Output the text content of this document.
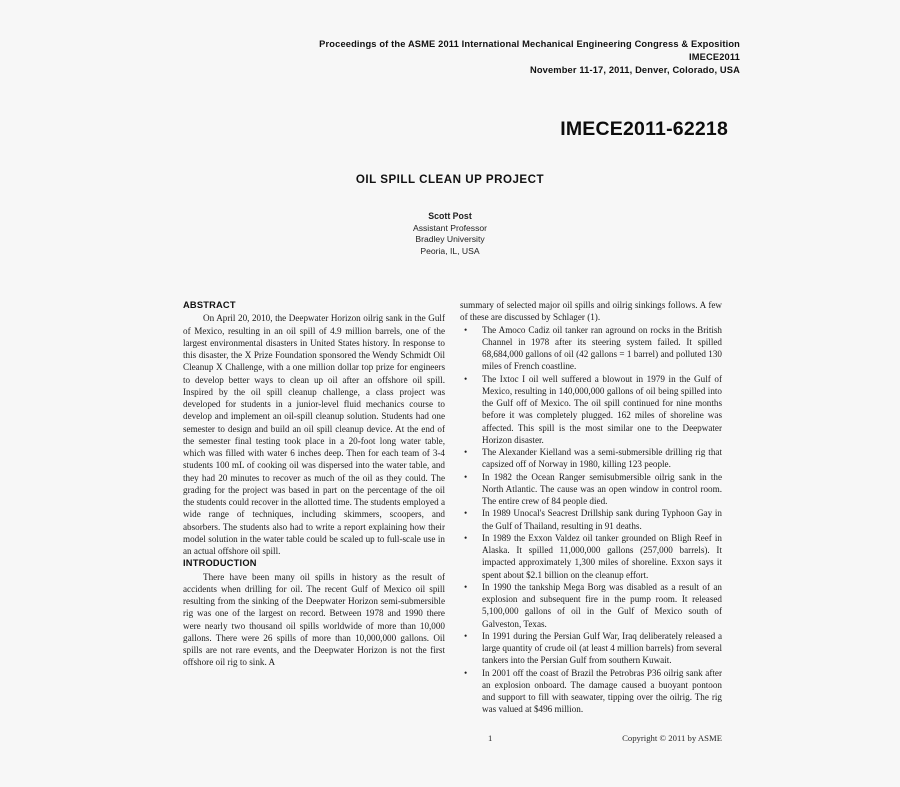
Proceedings of the ASME 2011 International Mechanical Engineering Congress & Exposition
IMECE2011
November 11-17, 2011, Denver, Colorado, USA
IMECE2011-62218
OIL SPILL CLEAN UP PROJECT
Scott Post
Assistant Professor
Bradley University
Peoria, IL, USA
ABSTRACT

On April 20, 2010, the Deepwater Horizon oilrig sank in the Gulf of Mexico, resulting in an oil spill of 4.9 million barrels, one of the largest environmental disasters in United States history. In response to this disaster, the X Prize Foundation sponsored the Wendy Schmidt Oil Cleanup X Challenge, with a one million dollar top prize for engineers to develop better ways to clean up oil after an offshore oil spill. Inspired by the oil spill cleanup challenge, a class project was developed for students in a junior-level fluid mechanics course to develop and implement an oil-spill cleanup solution. Students had one semester to design and build an oil spill cleanup device. At the end of the semester final testing took place in a 20-foot long water table, which was filled with water 6 inches deep. Then for each team of 3-4 students 100 mL of cooking oil was dispersed into the water table, and they had 20 minutes to recover as much of the oil as they could. The grading for the project was based in part on the percentage of the oil the students could recover in the allotted time. The students employed a wide range of techniques, including skimmers, scoopers, and absorbers. The students also had to write a report explaining how their model solution in the water table could be scaled up to full-scale use in an actual offshore oil spill.

INTRODUCTION

There have been many oil spills in history as the result of accidents when drilling for oil. The recent Gulf of Mexico oil spill resulting from the sinking of the Deepwater Horizon semi-submersible rig was one of the largest on record. Between 1978 and 1990 there were nearly two thousand oil spills worldwide of more than 10,000 gallons. There were 26 spills of more than 10,000,000 gallons. Oil spills are not rare events, and the Deepwater Horizon is not the first offshore oil rig to sink. A

summary of selected major oil spills and oilrig sinkings follows. A few of these are discussed by Schlager (1).

• The Amoco Cadiz oil tanker ran aground on rocks in the British Channel in 1978 after its steering system failed. It spilled 68,684,000 gallons of oil (42 gallons = 1 barrel) and polluted 130 miles of French coastline.
• The Ixtoc I oil well suffered a blowout in 1979 in the Gulf of Mexico, resulting in 140,000,000 gallons of oil being spilled into the Gulf off of Mexico. The oil spill continued for nine months before it was completely plugged. 162 miles of shoreline was affected. This spill is the most similar one to the Deepwater Horizon disaster.
• The Alexander Kielland was a semi-submersible drilling rig that capsized off of Norway in 1980, killing 123 people.
• In 1982 the Ocean Ranger semisubmersible oilrig sank in the North Atlantic. The cause was an open window in control room. The entire crew of 84 people died.
• In 1989 Unocal's Seacrest Drillship sank during Typhoon Gay in the Gulf of Thailand, resulting in 91 deaths.
• In 1989 the Exxon Valdez oil tanker grounded on Bligh Reef in Alaska. It spilled 11,000,000 gallons (257,000 barrels). It impacted approximately 1,300 miles of shoreline. Exxon says it spent about $2.1 billion on the cleanup effort.
• In 1990 the tankship Mega Borg was disabled as a result of an explosion and subsequent fire in the pump room. It released 5,100,000 gallons of oil in the Gulf of Mexico south of Galveston, Texas.
• In 1991 during the Persian Gulf War, Iraq deliberately released a large quantity of crude oil (at least 4 million barrels) from several tankers into the Persian Gulf from southern Kuwait.
• In 2001 off the coast of Brazil the Petrobras P36 oilrig sank after an explosion onboard. The damage caused a buoyant pontoon and support to fill with seawater, tipping over the oilrig. The rig was valued at $496 million.
1	Copyright © 2011 by ASME
